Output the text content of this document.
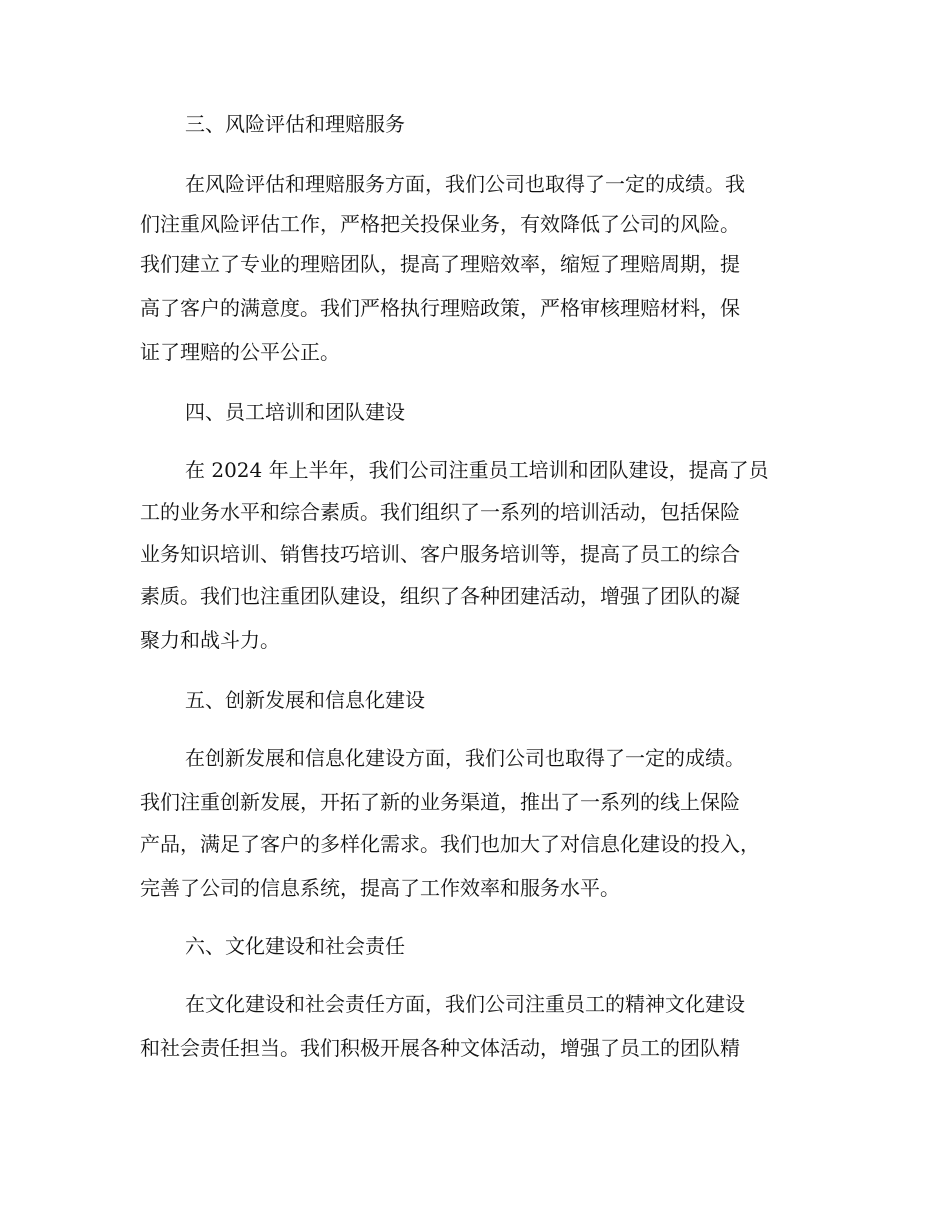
三、风险评估和理赔服务
在风险评估和理赔服务方面，我们公司也取得了一定的成绩。我
们注重风险评估工作，严格把关投保业务，有效降低了公司的风险。
我们建立了专业的理赔团队，提高了理赔效率，缩短了理赔周期，提
高了客户的满意度。我们严格执行理赔政策，严格审核理赔材料，保
证了理赔的公平公正。
四、员工培训和团队建设
在 2024 年上半年，我们公司注重员工培训和团队建设，提高了员
工的业务水平和综合素质。我们组织了一系列的培训活动，包括保险
业务知识培训、销售技巧培训、客户服务培训等，提高了员工的综合
素质。我们也注重团队建设，组织了各种团建活动，增强了团队的凝
聚力和战斗力。
五、创新发展和信息化建设
在创新发展和信息化建设方面，我们公司也取得了一定的成绩。
我们注重创新发展，开拓了新的业务渠道，推出了一系列的线上保险
产品，满足了客户的多样化需求。我们也加大了对信息化建设的投入，
完善了公司的信息系统，提高了工作效率和服务水平。
六、文化建设和社会责任
在文化建设和社会责任方面，我们公司注重员工的精神文化建设
和社会责任担当。我们积极开展各种文体活动，增强了员工的团队精
